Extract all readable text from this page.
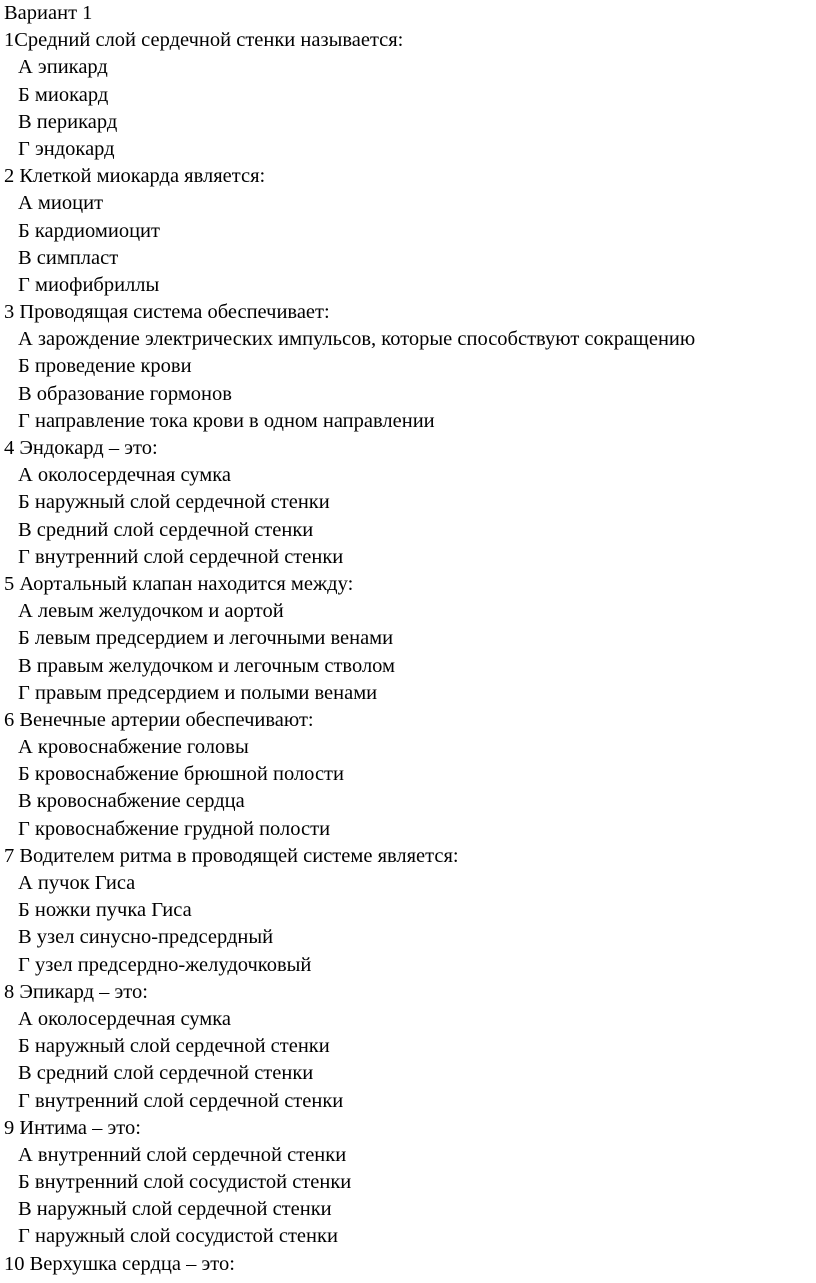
Вариант 1
1Средний слой сердечной стенки называется:
А эпикард
Б миокард
В перикард
Г эндокард
2 Клеткой миокарда является:
А миоцит
Б кардиомиоцит
В симпласт
Г миофибриллы
3 Проводящая система обеспечивает:
А зарождение электрических импульсов, которые способствуют сокращению
Б проведение крови
В образование гормонов
Г направление тока крови в одном направлении
4 Эндокард – это:
А околосердечная сумка
Б наружный слой сердечной стенки
В средний слой сердечной стенки
Г внутренний слой сердечной стенки
5 Аортальный клапан находится между:
А левым желудочком и аортой
Б левым предсердием и легочными венами
В правым желудочком и легочным стволом
Г правым предсердием и полыми венами
6 Венечные артерии обеспечивают:
А кровоснабжение головы
Б кровоснабжение брюшной полости
В кровоснабжение сердца
Г кровоснабжение грудной полости
7 Водителем ритма в проводящей системе является:
А пучок Гиса
Б ножки пучка Гиса
В узел синусно-предсердный
Г узел предсердно-желудочковый
8 Эпикард – это:
А околосердечная сумка
Б наружный слой сердечной стенки
В средний слой сердечной стенки
Г внутренний слой сердечной стенки
9 Интима – это:
А внутренний слой сердечной стенки
Б внутренний слой сосудистой стенки
В наружный слой сердечной стенки
Г наружный слой сосудистой стенки
10 Верхушка сердца – это:
